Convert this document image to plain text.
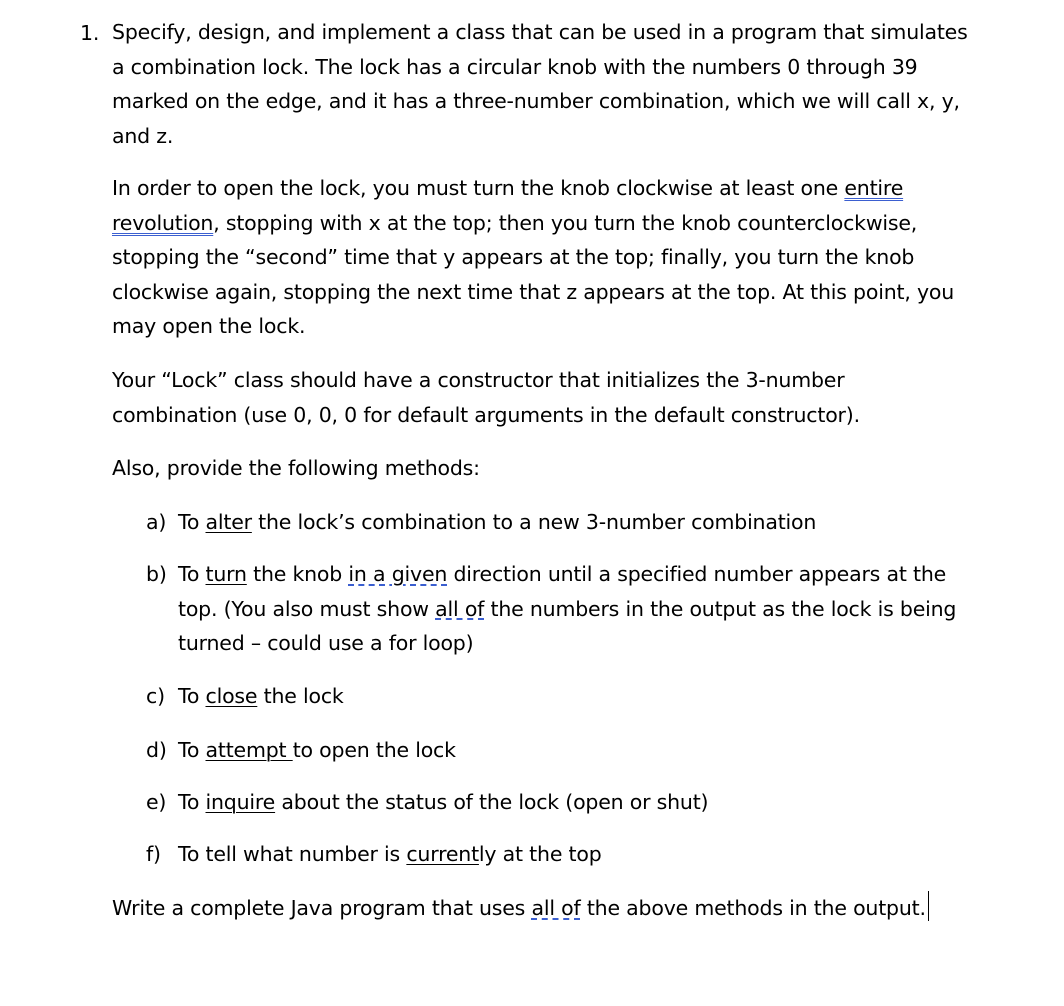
1. Specify, design, and implement a class that can be used in a program that simulates
a combination lock. The lock has a circular knob with the numbers 0 through 39
marked on the edge, and it has a three-number combination, which we will call x, y,
and z.
In order to open the lock, you must turn the knob clockwise at least one entire
revolution, stopping with x at the top; then you turn the knob counterclockwise,
stopping the “second” time that y appears at the top; finally, you turn the knob
clockwise again, stopping the next time that z appears at the top. At this point, you
may open the lock.
Your “Lock” class should have a constructor that initializes the 3-number
combination (use 0, 0, 0 for default arguments in the default constructor).
Also, provide the following methods:
a) To alter the lock’s combination to a new 3-number combination
b) To turn the knob in a given direction until a specified number appears at the
top. (You also must show all of the numbers in the output as the lock is being
turned – could use a for loop)
c) To close the lock
d) To attempt to open the lock
e) To inquire about the status of the lock (open or shut)
f) To tell what number is currently at the top
Write a complete Java program that uses all of the above methods in the output.
